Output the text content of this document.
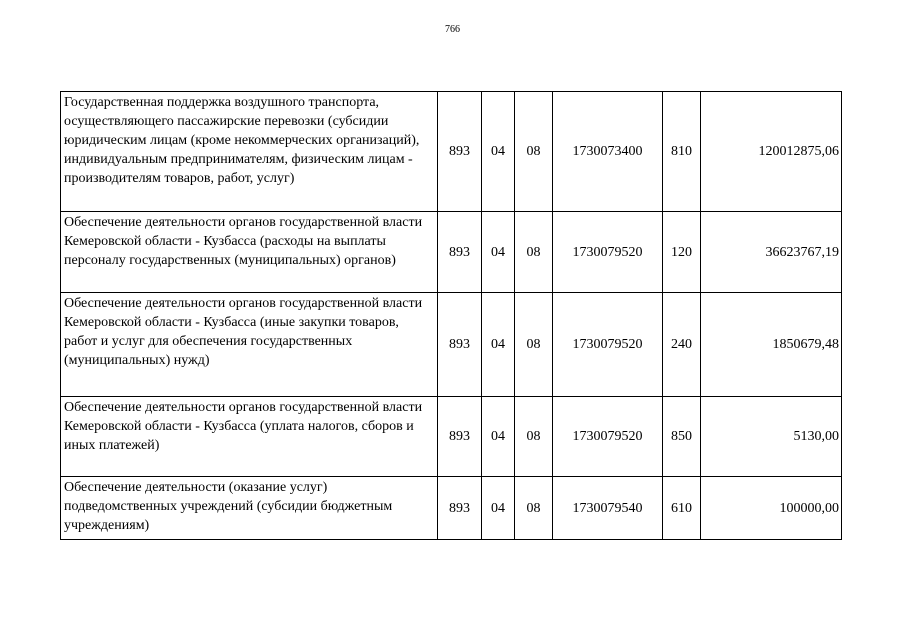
766
Государственная поддержка воздушного транспорта, осуществляющего пассажирские перевозки (субсидии юридическим лицам (кроме некоммерческих организаций), индивидуальным предпринимателям, физическим лицам - производителям товаров, работ, услуг)	893	04	08	1730073400	810	120012875,06
Обеспечение деятельности органов государственной власти Кемеровской области - Кузбасса (расходы на выплаты персоналу государственных (муниципальных) органов)	893	04	08	1730079520	120	36623767,19
Обеспечение деятельности органов государственной власти Кемеровской области - Кузбасса (иные закупки товаров, работ и услуг для обеспечения государственных (муниципальных) нужд)	893	04	08	1730079520	240	1850679,48
Обеспечение деятельности органов государственной власти Кемеровской области - Кузбасса (уплата налогов, сборов и иных платежей)	893	04	08	1730079520	850	5130,00
Обеспечение деятельности (оказание услуг) подведомственных учреждений (субсидии бюджетным учреждениям)	893	04	08	1730079540	610	100000,00
